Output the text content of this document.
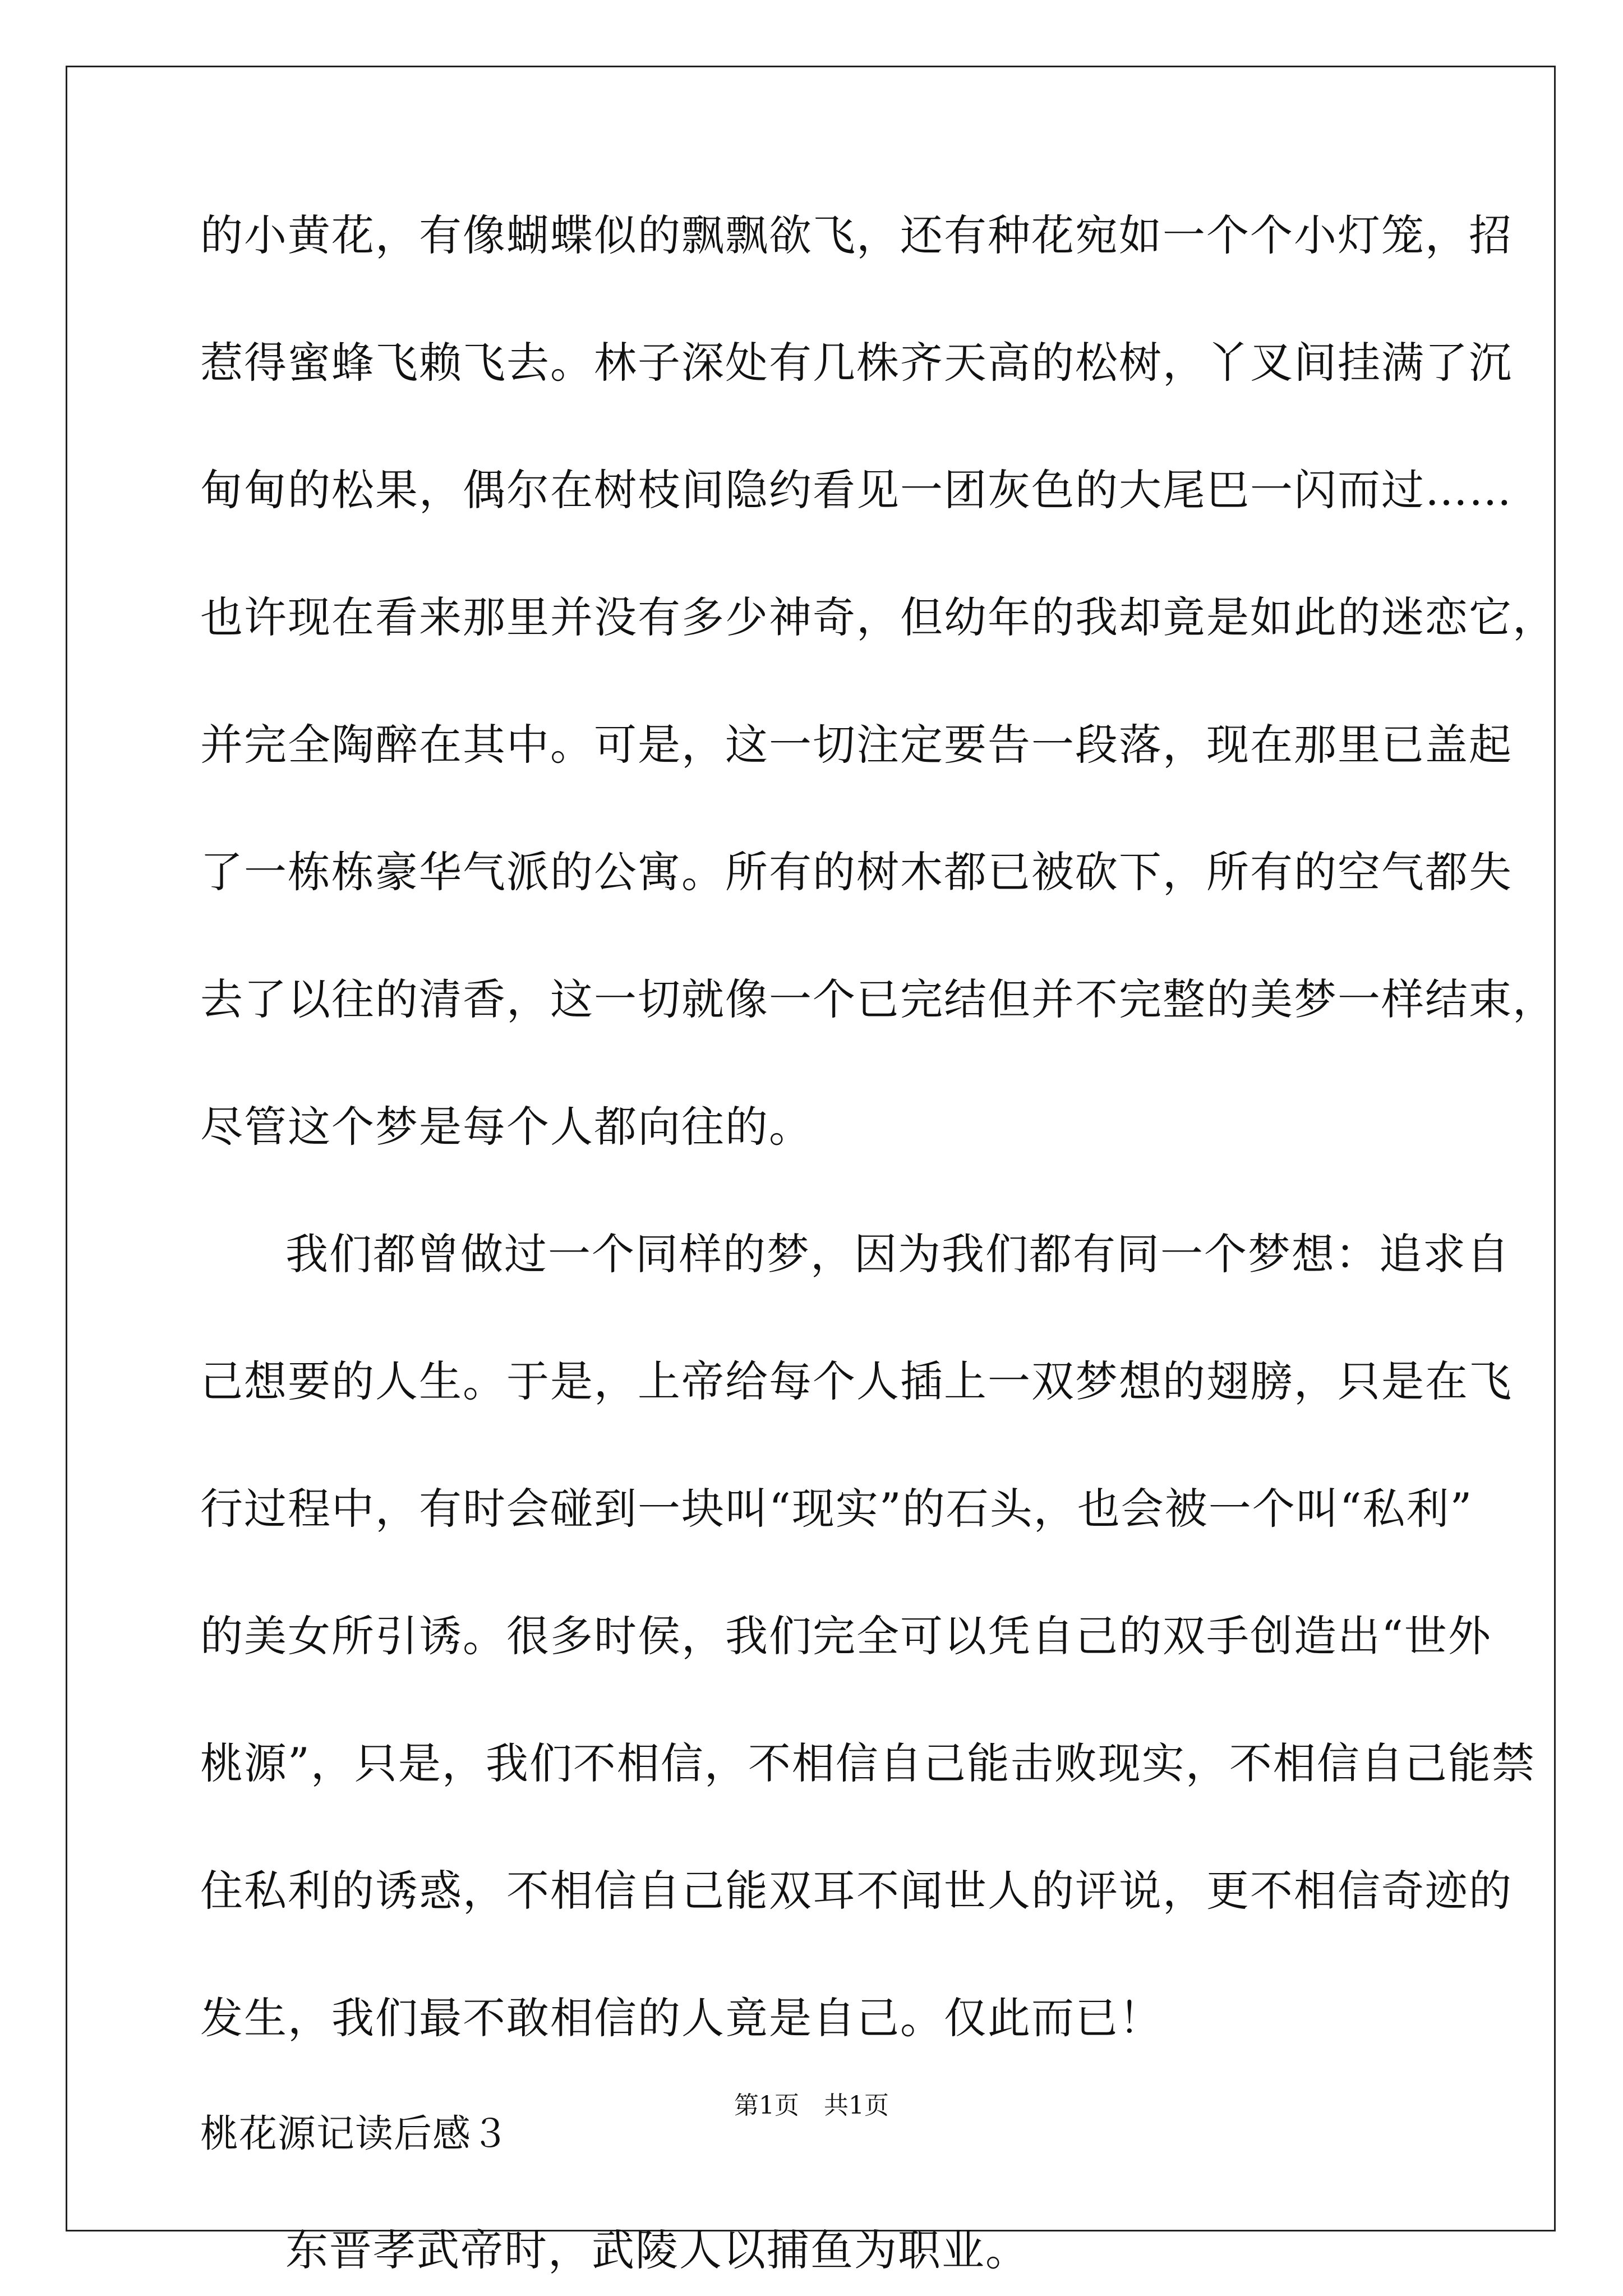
的小黄花，有像蝴蝶似的飘飘欲飞，还有种花宛如一个个小灯笼，招
惹得蜜蜂飞赖飞去。林子深处有几株齐天高的松树，丫叉间挂满了沉
甸甸的松果，偶尔在树枝间隐约看见一团灰色的大尾巴一闪而过……
也许现在看来那里并没有多少神奇，但幼年的我却竟是如此的迷恋它，
并完全陶醉在其中。可是，这一切注定要告一段落，现在那里已盖起
了一栋栋豪华气派的公寓。所有的树木都已被砍下，所有的空气都失
去了以往的清香，这一切就像一个已完结但并不完整的美梦一样结束，
尽管这个梦是每个人都向往的。
我们都曾做过一个同样的梦，因为我们都有同一个梦想：追求自
己想要的人生。于是，上帝给每个人插上一双梦想的翅膀，只是在飞
行过程中，有时会碰到一块叫“现实”的石头，也会被一个叫“私利”
的美女所引诱。很多时侯，我们完全可以凭自己的双手创造出“世外
桃源”，只是，我们不相信，不相信自己能击败现实，不相信自己能禁
住私利的诱惑，不相信自己能双耳不闻世人的评说，更不相信奇迹的
发生，我们最不敢相信的人竟是自己。仅此而已！
桃花源记读后感３
东晋孝武帝时，武陵人以捕鱼为职业。
第1页　共1页
